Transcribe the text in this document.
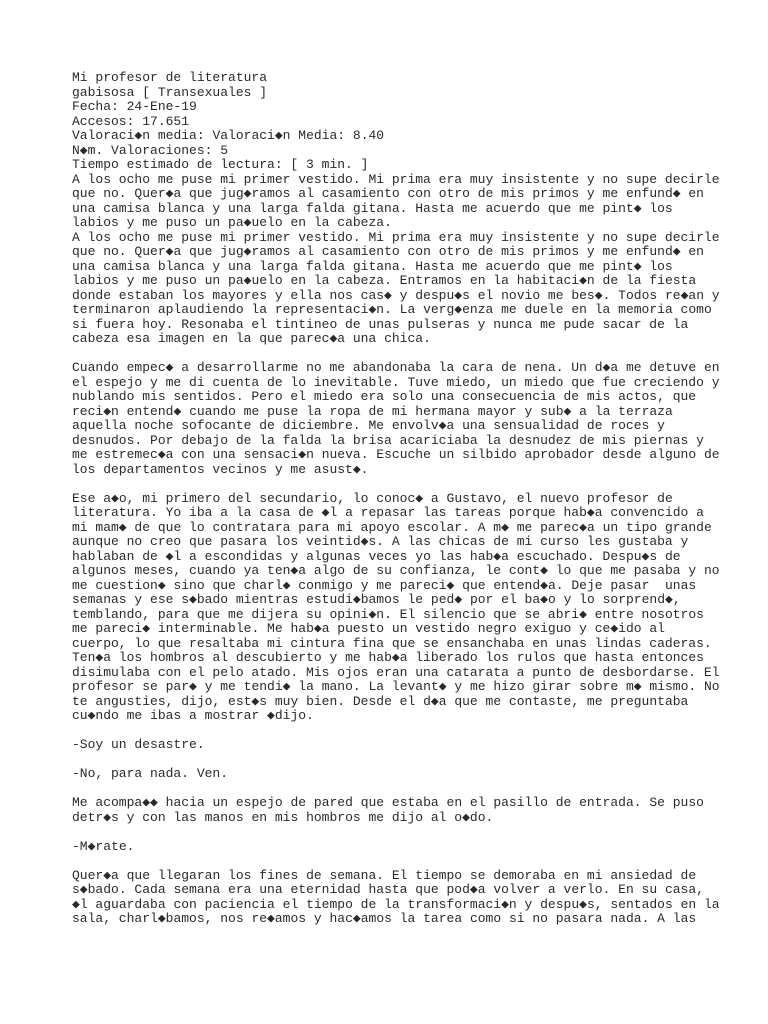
Mi profesor de literatura
gabisosa [ Transexuales ]
Fecha: 24-Ene-19
Accesos: 17.651
Valoraci◆n media: Valoraci◆n Media: 8.40
N◆m. Valoraciones: 5
Tiempo estimado de lectura: [ 3 min. ]
A los ocho me puse mi primer vestido. Mi prima era muy insistente y no supe decirle
que no. Quer◆a que jug◆ramos al casamiento con otro de mis primos y me enfund◆ en
una camisa blanca y una larga falda gitana. Hasta me acuerdo que me pint◆ los
labios y me puso un pa◆uelo en la cabeza.
A los ocho me puse mi primer vestido. Mi prima era muy insistente y no supe decirle
que no. Quer◆a que jug◆ramos al casamiento con otro de mis primos y me enfund◆ en
una camisa blanca y una larga falda gitana. Hasta me acuerdo que me pint◆ los
labios y me puso un pa◆uelo en la cabeza. Entramos en la habitaci◆n de la fiesta
donde estaban los mayores y ella nos cas◆ y despu◆s el novio me bes◆. Todos re◆an y
terminaron aplaudiendo la representaci◆n. La verg◆enza me duele en la memoria como
si fuera hoy. Resonaba el tintineo de unas pulseras y nunca me pude sacar de la
cabeza esa imagen en la que parec◆a una chica.
Cuando empec◆ a desarrollarme no me abandonaba la cara de nena. Un d◆a me detuve en
el espejo y me di cuenta de lo inevitable. Tuve miedo, un miedo que fue creciendo y
nublando mis sentidos. Pero el miedo era solo una consecuencia de mis actos, que
reci◆n entend◆ cuando me puse la ropa de mi hermana mayor y sub◆ a la terraza
aquella noche sofocante de diciembre. Me envolv◆a una sensualidad de roces y
desnudos. Por debajo de la falda la brisa acariciaba la desnudez de mis piernas y
me estremec◆a con una sensaci◆n nueva. Escuche un silbido aprobador desde alguno de
los departamentos vecinos y me asust◆.
Ese a◆o, mi primero del secundario, lo conoc◆ a Gustavo, el nuevo profesor de
literatura. Yo iba a la casa de ◆l a repasar las tareas porque hab◆a convencido a
mi mam◆ de que lo contratara para mi apoyo escolar. A m◆ me parec◆a un tipo grande
aunque no creo que pasara los veintid◆s. A las chicas de mi curso les gustaba y
hablaban de ◆l a escondidas y algunas veces yo las hab◆a escuchado. Despu◆s de
algunos meses, cuando ya ten◆a algo de su confianza, le cont◆ lo que me pasaba y no
me cuestion◆ sino que charl◆ conmigo y me pareci◆ que entend◆a. Deje pasar  unas
semanas y ese s◆bado mientras estudi◆bamos le ped◆ por el ba◆o y lo sorprend◆,
temblando, para que me dijera su opini◆n. El silencio que se abri◆ entre nosotros
me pareci◆ interminable. Me hab◆a puesto un vestido negro exiguo y ce◆ido al
cuerpo, lo que resaltaba mi cintura fina que se ensanchaba en unas lindas caderas.
Ten◆a los hombros al descubierto y me hab◆a liberado los rulos que hasta entonces
disimulaba con el pelo atado. Mis ojos eran una catarata a punto de desbordarse. El
profesor se par◆ y me tendi◆ la mano. La levant◆ y me hizo girar sobre m◆ mismo. No
te angusties, dijo, est◆s muy bien. Desde el d◆a que me contaste, me preguntaba
cu◆ndo me ibas a mostrar ◆dijo.
-Soy un desastre.
-No, para nada. Ven.
Me acompa◆◆ hacia un espejo de pared que estaba en el pasillo de entrada. Se puso
detr◆s y con las manos en mis hombros me dijo al o◆do.
-M◆rate.
Quer◆a que llegaran los fines de semana. El tiempo se demoraba en mi ansiedad de
s◆bado. Cada semana era una eternidad hasta que pod◆a volver a verlo. En su casa,
◆l aguardaba con paciencia el tiempo de la transformaci◆n y despu◆s, sentados en la
sala, charl◆bamos, nos re◆amos y hac◆amos la tarea como si no pasara nada. A las
